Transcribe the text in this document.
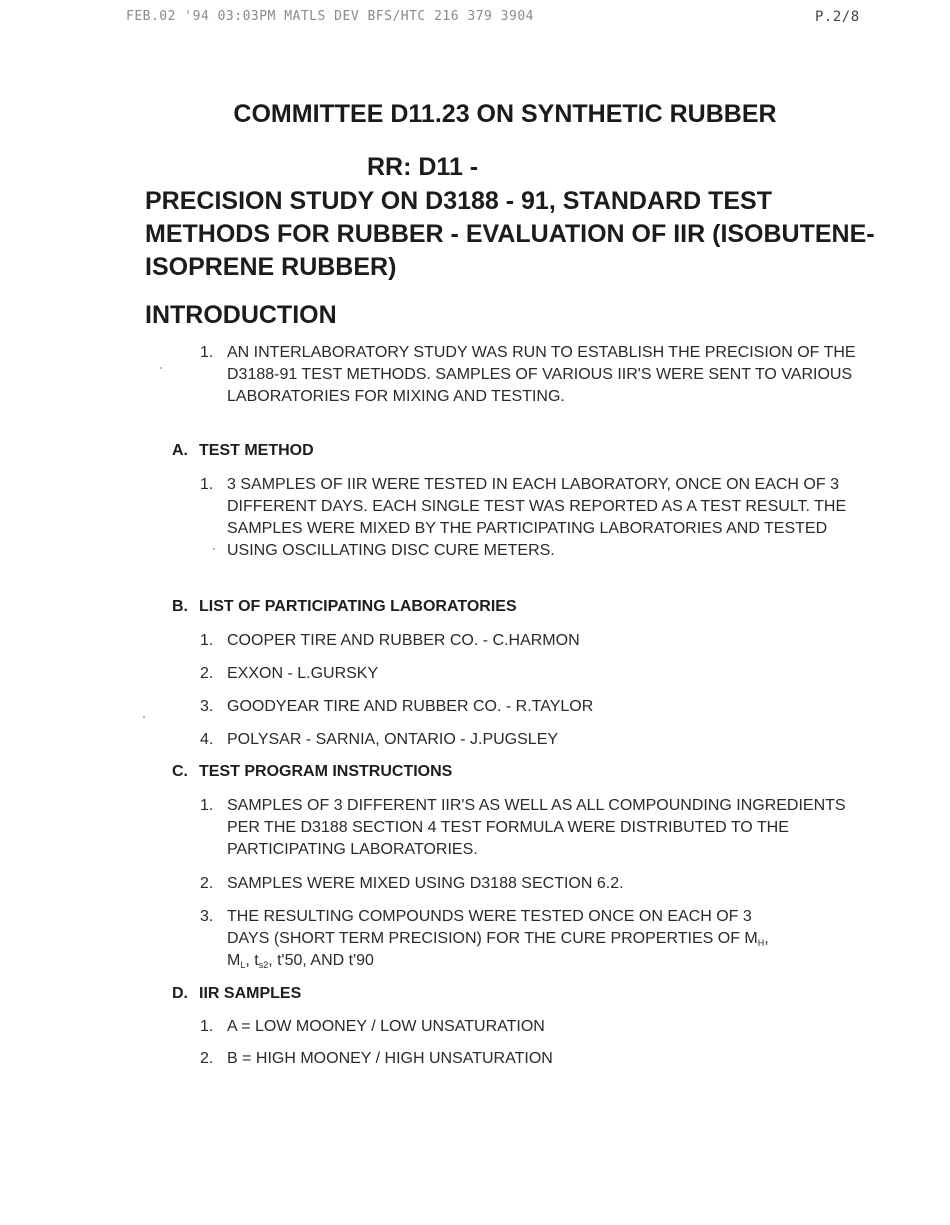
FEB.02 '94 03:03PM MATLS DEV BFS/HTC 216 379 3904	P.2/8
COMMITTEE D11.23 ON SYNTHETIC RUBBER
RR: D11 -
PRECISION STUDY ON D3188 - 91, STANDARD TEST METHODS FOR RUBBER - EVALUATION OF IIR (ISOBUTENE-ISOPRENE RUBBER)
INTRODUCTION
1. AN INTERLABORATORY STUDY WAS RUN TO ESTABLISH THE PRECISION OF THE D3188-91 TEST METHODS. SAMPLES OF VARIOUS IIR'S WERE SENT TO VARIOUS LABORATORIES FOR MIXING AND TESTING.
A. TEST METHOD
1. 3 SAMPLES OF IIR WERE TESTED IN EACH LABORATORY, ONCE ON EACH OF 3 DIFFERENT DAYS. EACH SINGLE TEST WAS REPORTED AS A TEST RESULT. THE SAMPLES WERE MIXED BY THE PARTICIPATING LABORATORIES AND TESTED USING OSCILLATING DISC CURE METERS.
B. LIST OF PARTICIPATING LABORATORIES
1. COOPER TIRE AND RUBBER CO. - C.HARMON
2. EXXON - L.GURSKY
3. GOODYEAR TIRE AND RUBBER CO. - R.TAYLOR
4. POLYSAR - SARNIA, ONTARIO - J.PUGSLEY
C. TEST PROGRAM INSTRUCTIONS
1. SAMPLES OF 3 DIFFERENT IIR'S AS WELL AS ALL COMPOUNDING INGREDIENTS PER THE D3188 SECTION 4 TEST FORMULA WERE DISTRIBUTED TO THE PARTICIPATING LABORATORIES.
2. SAMPLES WERE MIXED USING D3188 SECTION 6.2.
3. THE RESULTING COMPOUNDS WERE TESTED ONCE ON EACH OF 3
DAYS (SHORT TERM PRECISION) FOR THE CURE PROPERTIES OF $M_H$,
$M_L$, $t_{s2}$, t'50, AND t'90
D. IIR SAMPLES
1. A = LOW MOONEY / LOW UNSATURATION
2. B = HIGH MOONEY / HIGH UNSATURATION
